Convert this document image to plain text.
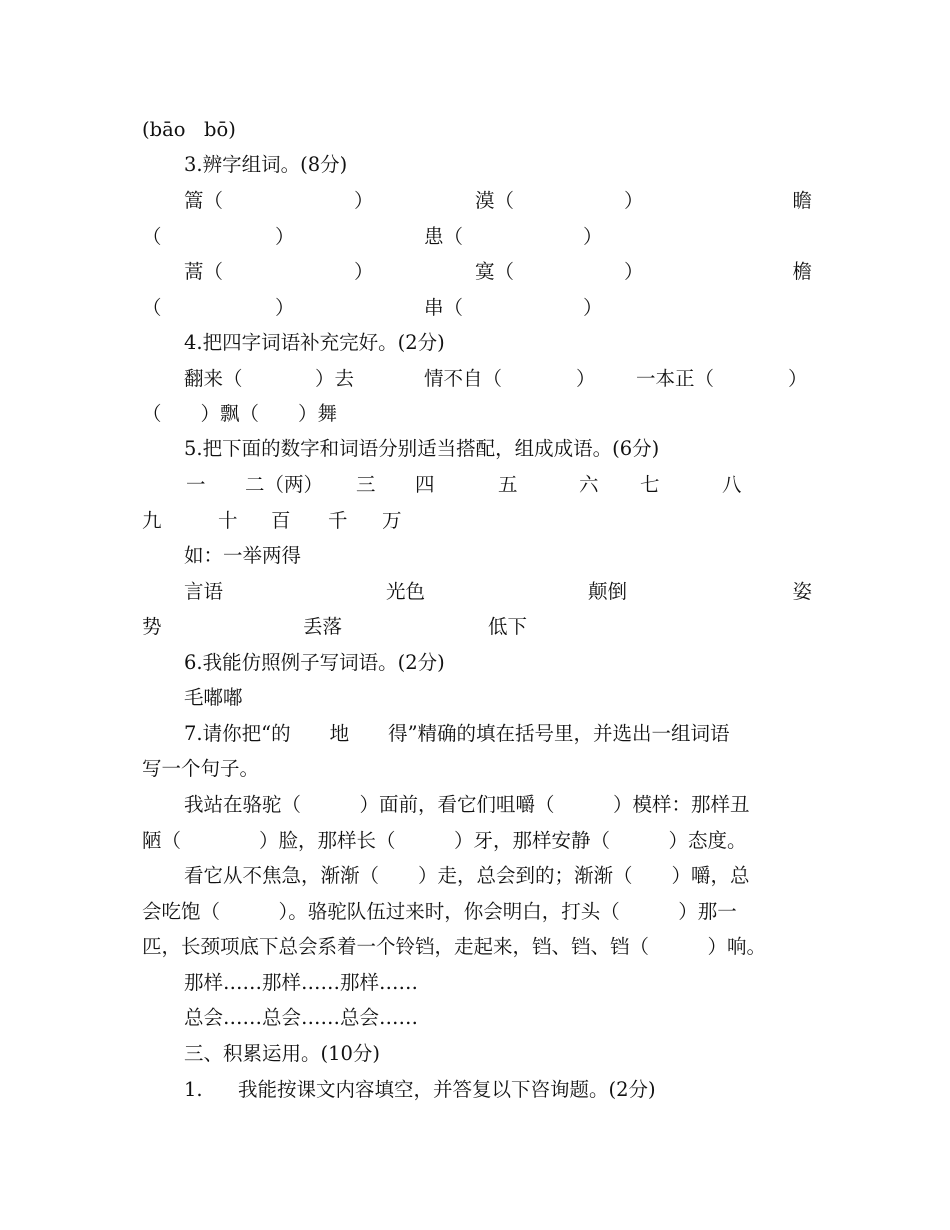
(bāo   bō)
3.辨字组词。(8分)
篙（	）	漠（	）	瞻
（	）	患（	）
蒿（	）	寞（	）	檐
（	）	串（	）
4.把四字词语补充完好。(2分)
翻来（	）去	情不自（	） 一本正（	）
（　　）飘（　　）舞
5.把下面的数字和词语分别适当搭配，组成成语。(6分)
一 二（两） 三 四	五	六 七	八
九	十 百 千 万
如：一举两得
言语	光色	颠倒	姿
势	丢落	低下
6.我能仿照例子写词语。(2分)
毛嘟嘟
7.请你把“的　　地　　得”精确的填在括号里，并选出一组词语
写一个句子。
我站在骆驼（　　　）面前，看它们咀嚼（　　　）模样：那样丑
陋（　　　　）脸，那样长（　　　）牙，那样安静（　　　）态度。
看它从不焦急，渐渐（　　）走，总会到的；渐渐（　　）嚼，总
会吃饱（　　　）。骆驼队伍过来时，你会明白，打头（　　　）那一
匹，长颈项底下总会系着一个铃铛，走起来，铛、铛、铛（　　　）响。
那样……那样……那样……
总会……总会……总会……
三、积累运用。(10分)
1. 我能按课文内容填空，并答复以下咨询题。(2分)
